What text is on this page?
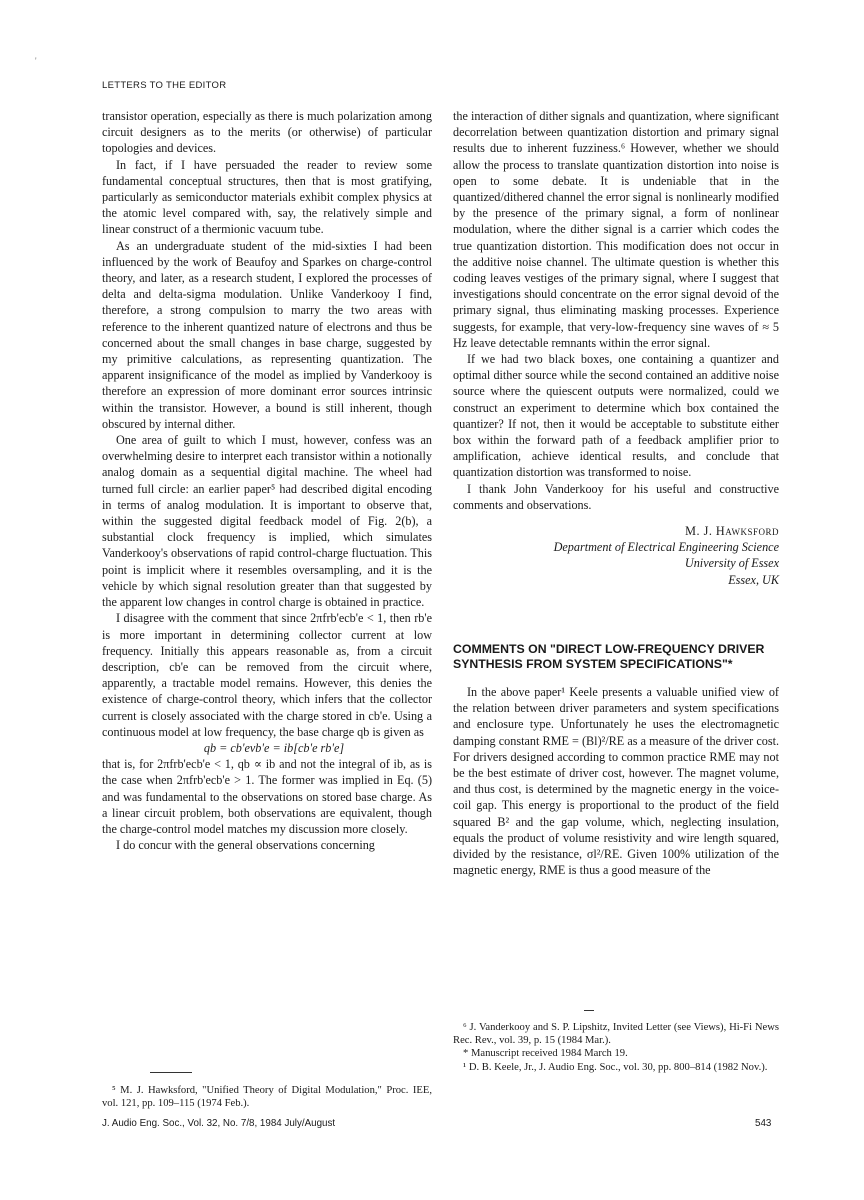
'
LETTERS TO THE EDITOR

transistor operation, especially as there is much polarization among circuit designers as to the merits (or otherwise) of particular topologies and devices.

In fact, if I have persuaded the reader to review some fundamental conceptual structures, then that is most gratifying, particularly as semiconductor materials exhibit complex physics at the atomic level compared with, say, the relatively simple and linear construct of a thermionic vacuum tube.

As an undergraduate student of the mid-sixties I had been influenced by the work of Beaufoy and Sparkes on charge-control theory, and later, as a research student, I explored the processes of delta and delta-sigma modulation. Unlike Vanderkooy I find, therefore, a strong compulsion to marry the two areas with reference to the inherent quantized nature of electrons and thus be concerned about the small changes in base charge, suggested by my primitive calculations, as representing quantization. The apparent insignificance of the model as implied by Vanderkooy is therefore an expression of more dominant error sources intrinsic within the transistor. However, a bound is still inherent, though obscured by internal dither.

One area of guilt to which I must, however, confess was an overwhelming desire to interpret each transistor within a notionally analog domain as a sequential digital machine. The wheel had turned full circle: an earlier paper⁵ had described digital encoding in terms of analog modulation. It is important to observe that, within the suggested digital feedback model of Fig. 2(b), a substantial clock frequency is implied, which simulates Vanderkooy's observations of rapid control-charge fluctuation. This point is implicit where it resembles oversampling, and it is the vehicle by which signal resolution greater than that suggested by the apparent low changes in control charge is obtained in practice.

I disagree with the comment that since 2πfrb'ecb'e < 1, then rb'e is more important in determining collector current at low frequency. Initially this appears reasonable as, from a circuit description, cb'e can be removed from the circuit where, apparently, a tractable model remains. However, this denies the existence of charge-control theory, which infers that the collector current is closely associated with the charge stored in cb'e. Using a continuous model at low frequency, the base charge qb is given as

qb = cb'evb'e = ib[cb'e rb'e]

that is, for 2πfrb'ecb'e < 1, qb ∝ ib and not the integral of ib, as is the case when 2πfrb'ecb'e > 1. The former was implied in Eq. (5) and was fundamental to the observations on stored base charge. As a linear circuit problem, both observations are equivalent, though the charge-control model matches my discussion more closely.

I do concur with the general observations concerning

the interaction of dither signals and quantization, where significant decorrelation between quantization distortion and primary signal results due to inherent fuzziness.⁶ However, whether we should allow the process to translate quantization distortion into noise is open to some debate. It is undeniable that in the quantized/dithered channel the error signal is nonlinearly modified by the presence of the primary signal, a form of nonlinear modulation, where the dither signal is a carrier which codes the true quantization distortion. This modification does not occur in the additive noise channel. The ultimate question is whether this coding leaves vestiges of the primary signal, where I suggest that investigations should concentrate on the error signal devoid of the primary signal, thus eliminating masking processes. Experience suggests, for example, that very-low-frequency sine waves of ≈ 5 Hz leave detectable remnants within the error signal.

If we had two black boxes, one containing a quantizer and optimal dither source while the second contained an additive noise source where the quiescent outputs were normalized, could we construct an experiment to determine which box contained the quantizer? If not, then it would be acceptable to substitute either box within the forward path of a feedback amplifier prior to amplification, achieve identical results, and conclude that quantization distortion was transformed to noise.

I thank John Vanderkooy for his useful and constructive comments and observations.

M. J. Hawksford
Department of Electrical Engineering Science
University of Essex
Essex, UK
COMMENTS ON "DIRECT LOW-FREQUENCY DRIVER SYNTHESIS FROM SYSTEM SPECIFICATIONS"*

In the above paper¹ Keele presents a valuable unified view of the relation between driver parameters and system specifications and enclosure type. Unfortunately he uses the electromagnetic damping constant RME = (Bl)²/RE as a measure of the driver cost. For drivers designed according to common practice RME may not be the best estimate of driver cost, however. The magnet volume, and thus cost, is determined by the magnetic energy in the voice-coil gap. This energy is proportional to the product of the field squared B² and the gap volume, which, neglecting insulation, equals the product of volume resistivity and wire length squared, divided by the resistance, σl²/RE. Given 100% utilization of the magnetic energy, RME is thus a good measure of the

⁵ M. J. Hawksford, "Unified Theory of Digital Modulation," Proc. IEE, vol. 121, pp. 109–115 (1974 Feb.).

⁶ J. Vanderkooy and S. P. Lipshitz, Invited Letter (see Views), Hi-Fi News Rec. Rev., vol. 39, p. 15 (1984 Mar.).

* Manuscript received 1984 March 19.

¹ D. B. Keele, Jr., J. Audio Eng. Soc., vol. 30, pp. 800–814 (1982 Nov.).

J. Audio Eng. Soc., Vol. 32, No. 7/8, 1984 July/August	543
